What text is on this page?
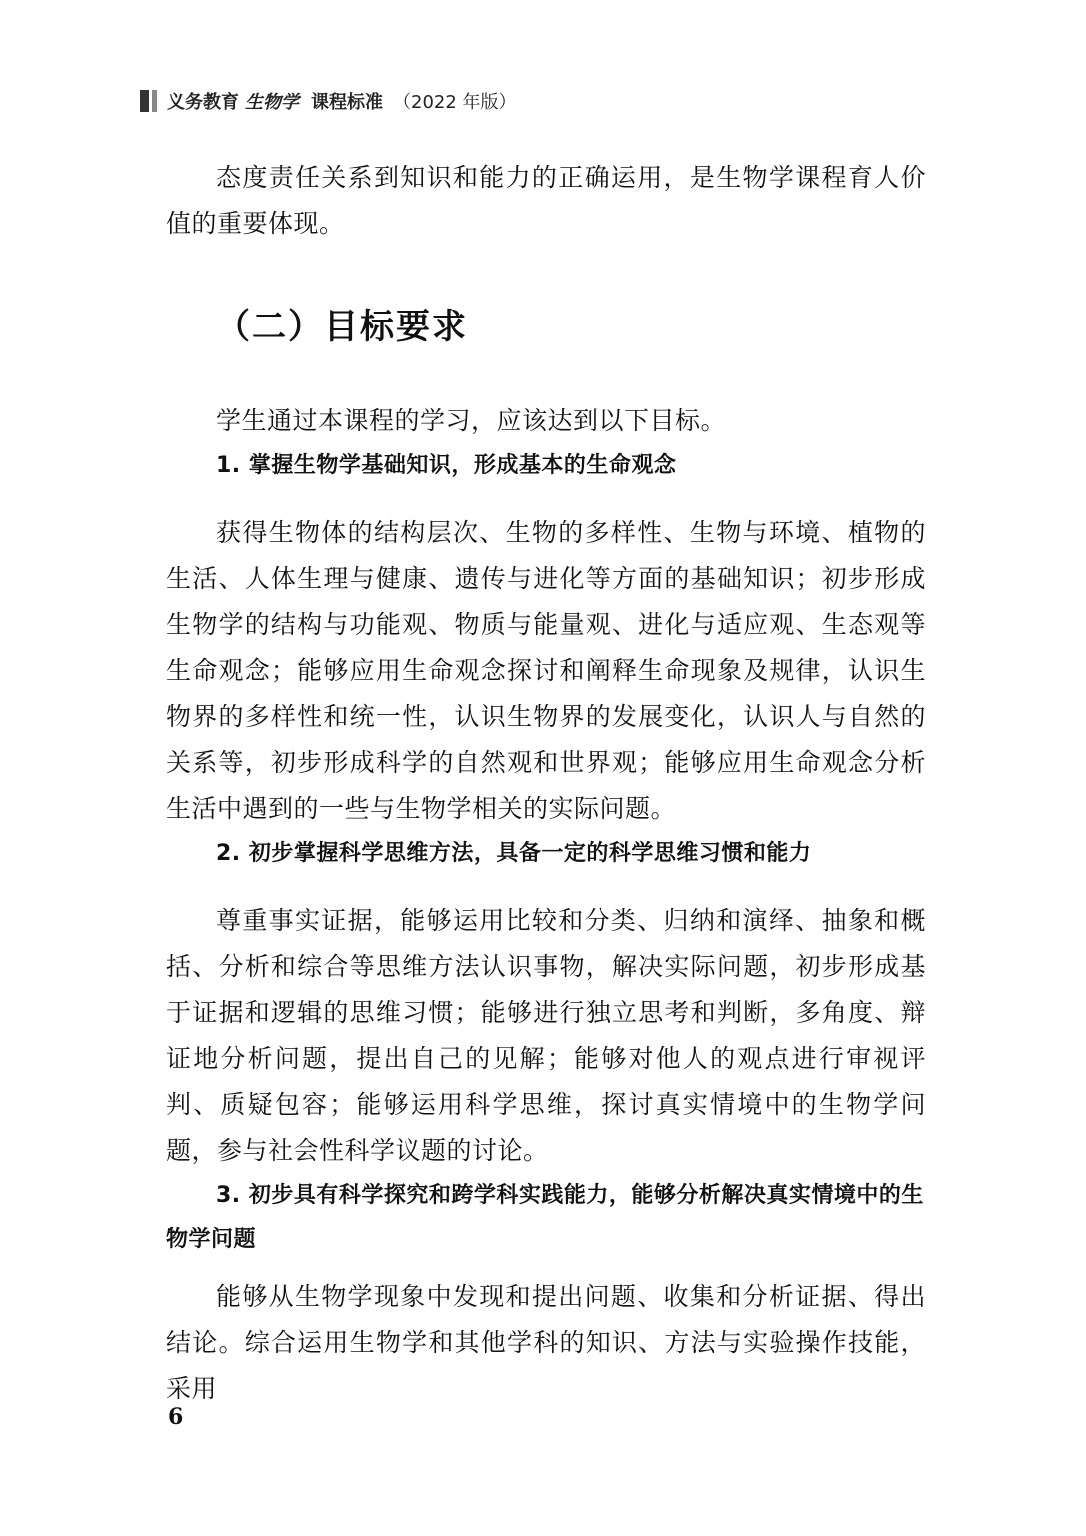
义务教育 生物学 课程标准 （2022 年版）

态度责任关系到知识和能力的正确运用，是生物学课程育人价值的重要体现。

（二）目标要求

学生通过本课程的学习，应该达到以下目标。

1. 掌握生物学基础知识，形成基本的生命观念

获得生物体的结构层次、生物的多样性、生物与环境、植物的生活、人体生理与健康、遗传与进化等方面的基础知识；初步形成生物学的结构与功能观、物质与能量观、进化与适应观、生态观等生命观念；能够应用生命观念探讨和阐释生命现象及规律，认识生物界的多样性和统一性，认识生物界的发展变化，认识人与自然的关系等，初步形成科学的自然观和世界观；能够应用生命观念分析生活中遇到的一些与生物学相关的实际问题。

2. 初步掌握科学思维方法，具备一定的科学思维习惯和能力

尊重事实证据，能够运用比较和分类、归纳和演绎、抽象和概括、分析和综合等思维方法认识事物，解决实际问题，初步形成基于证据和逻辑的思维习惯；能够进行独立思考和判断，多角度、辩证地分析问题，提出自己的见解；能够对他人的观点进行审视评判、质疑包容；能够运用科学思维，探讨真实情境中的生物学问题，参与社会性科学议题的讨论。

3. 初步具有科学探究和跨学科实践能力，能够分析解决真实情境中的生物学问题

能够从生物学现象中发现和提出问题、收集和分析证据、得出结论。综合运用生物学和其他学科的知识、方法与实验操作技能，采用

6
